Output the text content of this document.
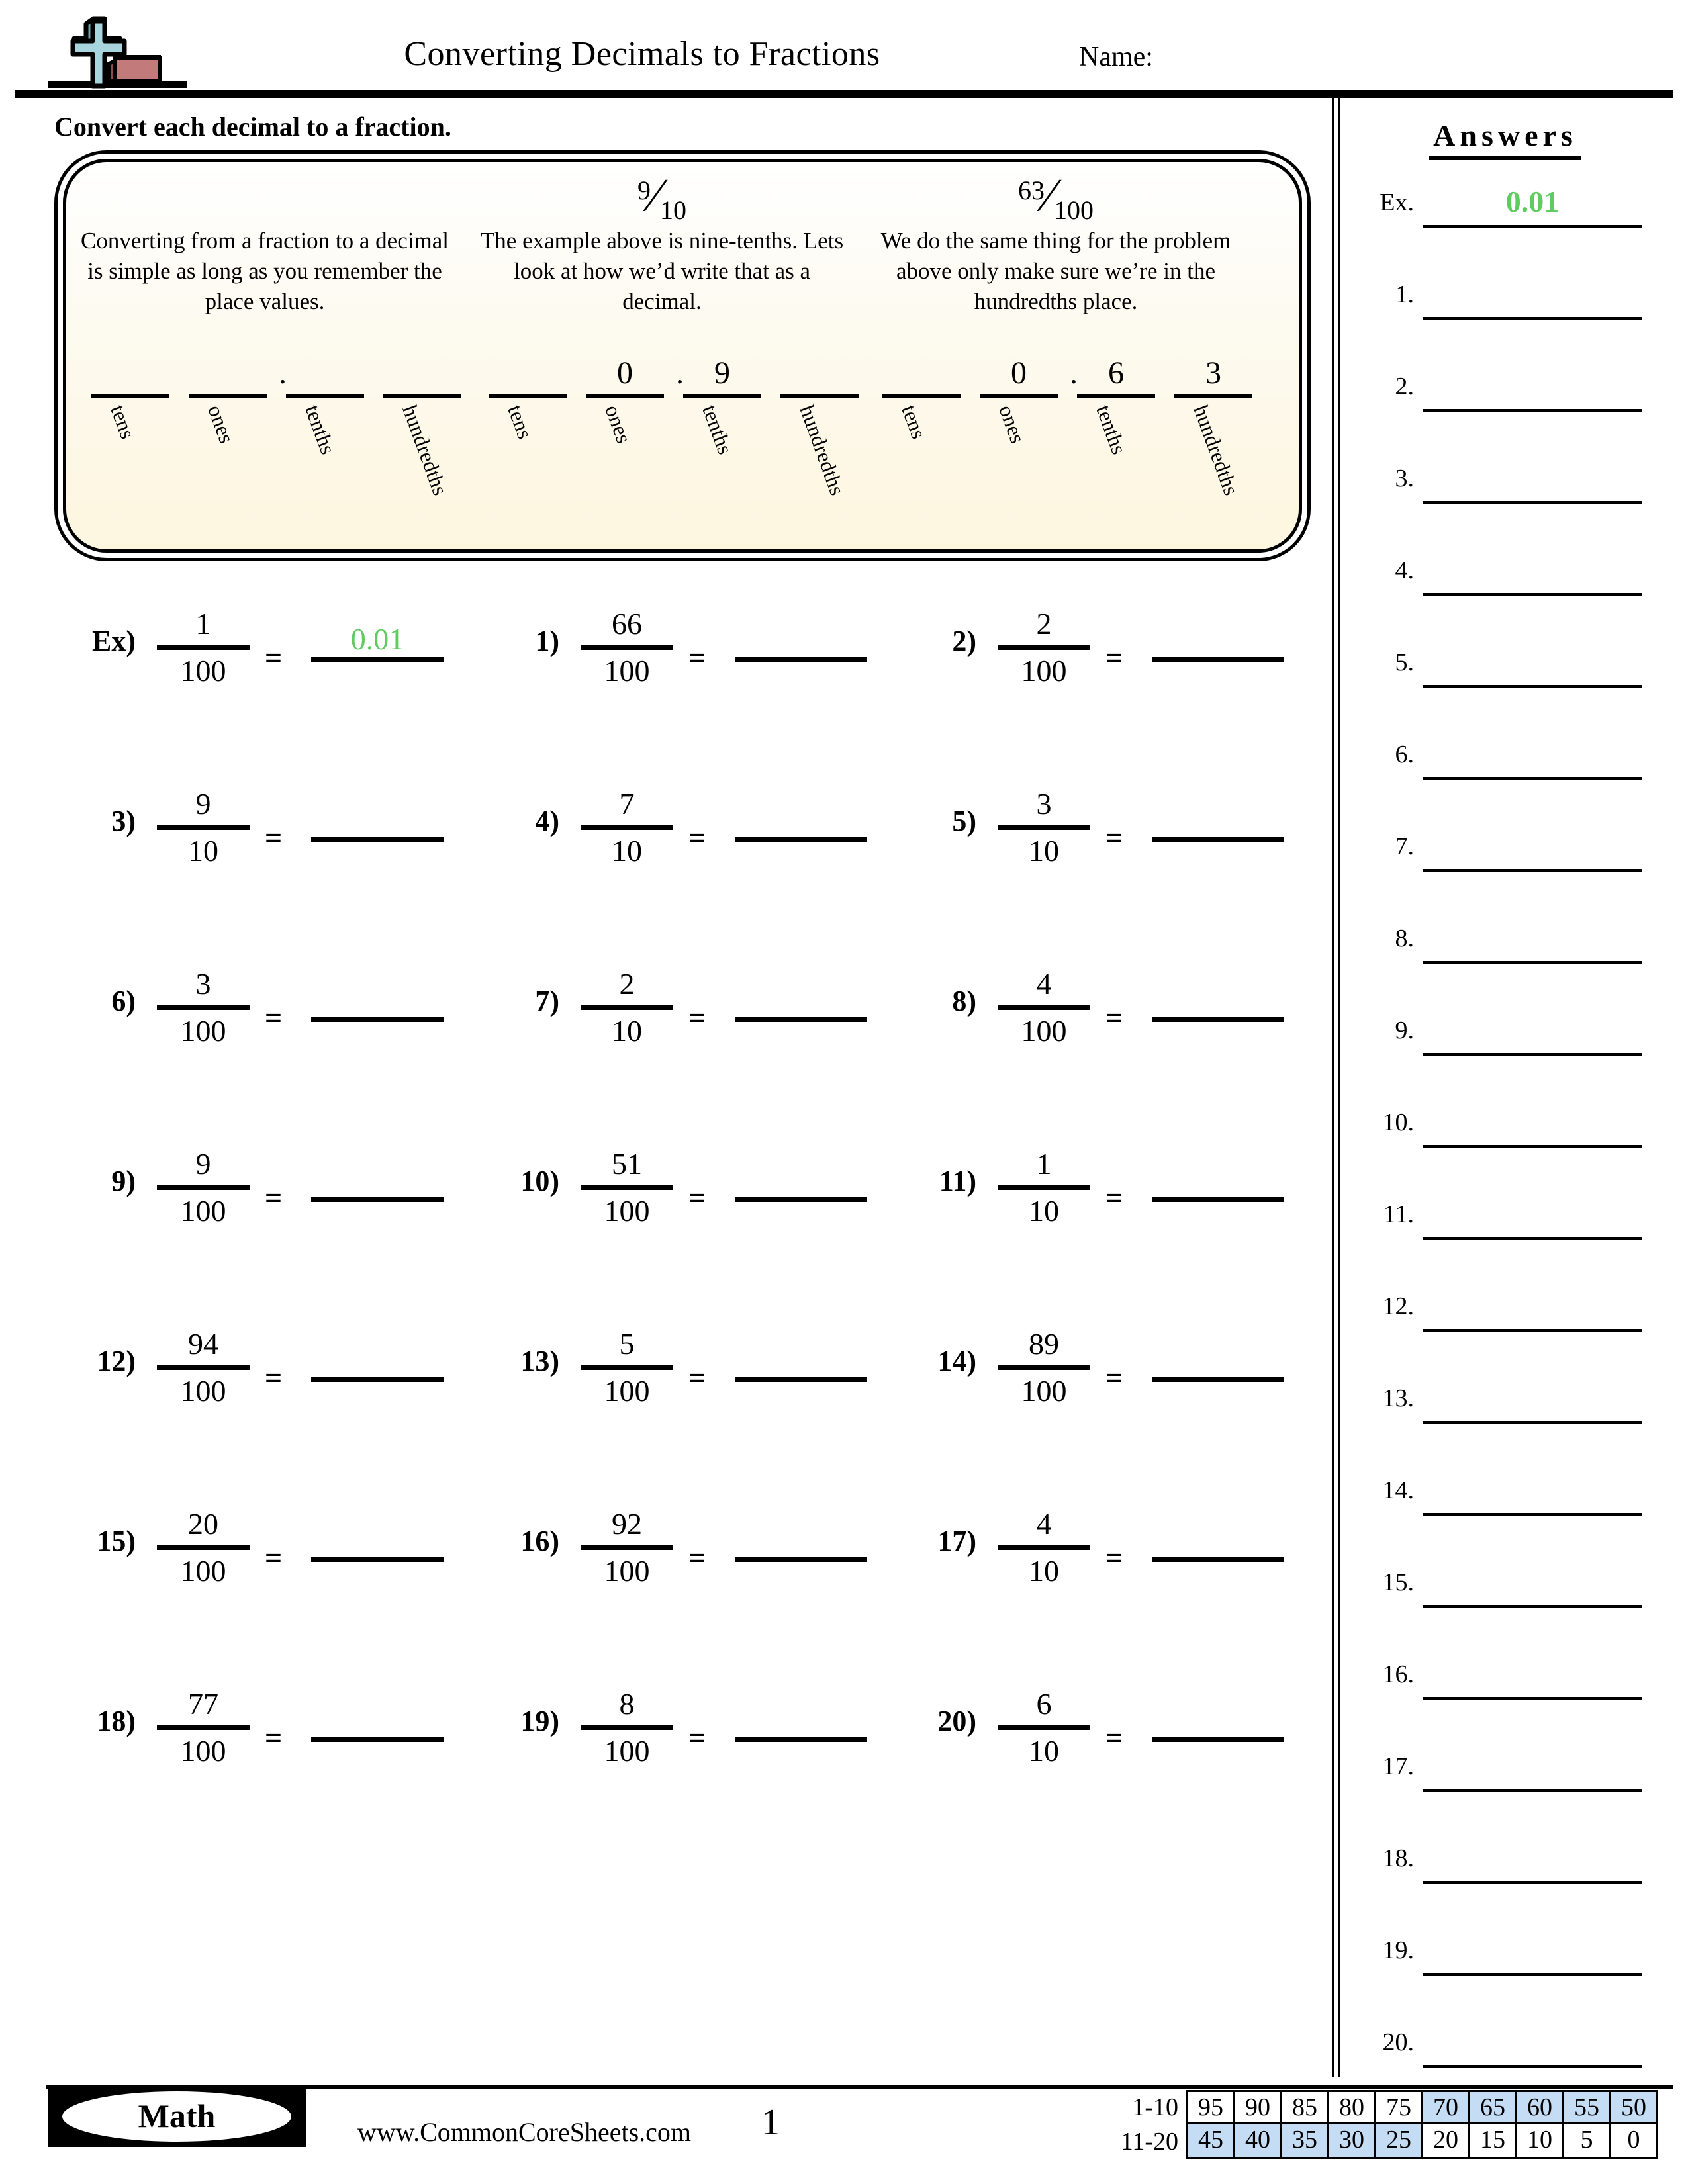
Converting Decimals to Fractions	Name:
Convert each decimal to a fraction.
Converting from a fraction to a decimal is simple as long as you remember the place values.
.
tens	ones	tenths	hundredths
9⁄10
The example above is nine-tenths. Lets look at how we’d write that as a decimal.
.
tens
0
ones
9
tenths	hundredths
63⁄100
We do the same thing for the problem above only make sure we’re in the hundredths place.
.
tens
0
ones
6
tenths
3
hundredths
Ex)
1
100	=
0.01	1)
66
100	=	2)
2
100	=
3)
9
10	=	4)
7
10	=	5)
3
10	=
6)
3
100	=	7)
2
10	=	8)
4
100	=
9)
9
100	=	10)
51
100	=	11)
1
10	=
12)
94
100	=	13)
5
100	=	14)
89
100	=
15)
20
100	=	16)
92
100	=	17)
4
10	=
18)
77
100	=	19)
8
100	=	20)
6
10	=
Answers
Ex.	0.01
1.
2.
3.
4.
5.
6.
7.
8.
9.
10.
11.
12.
13.
14.
15.
16.
17.
18.
19.
20.
Math	www.CommonCoreSheets.com 1	1-10 95 90 85 80 75 70 65 60 55 50
11-20 45 40 35 30 25 20 15 10	5	0
